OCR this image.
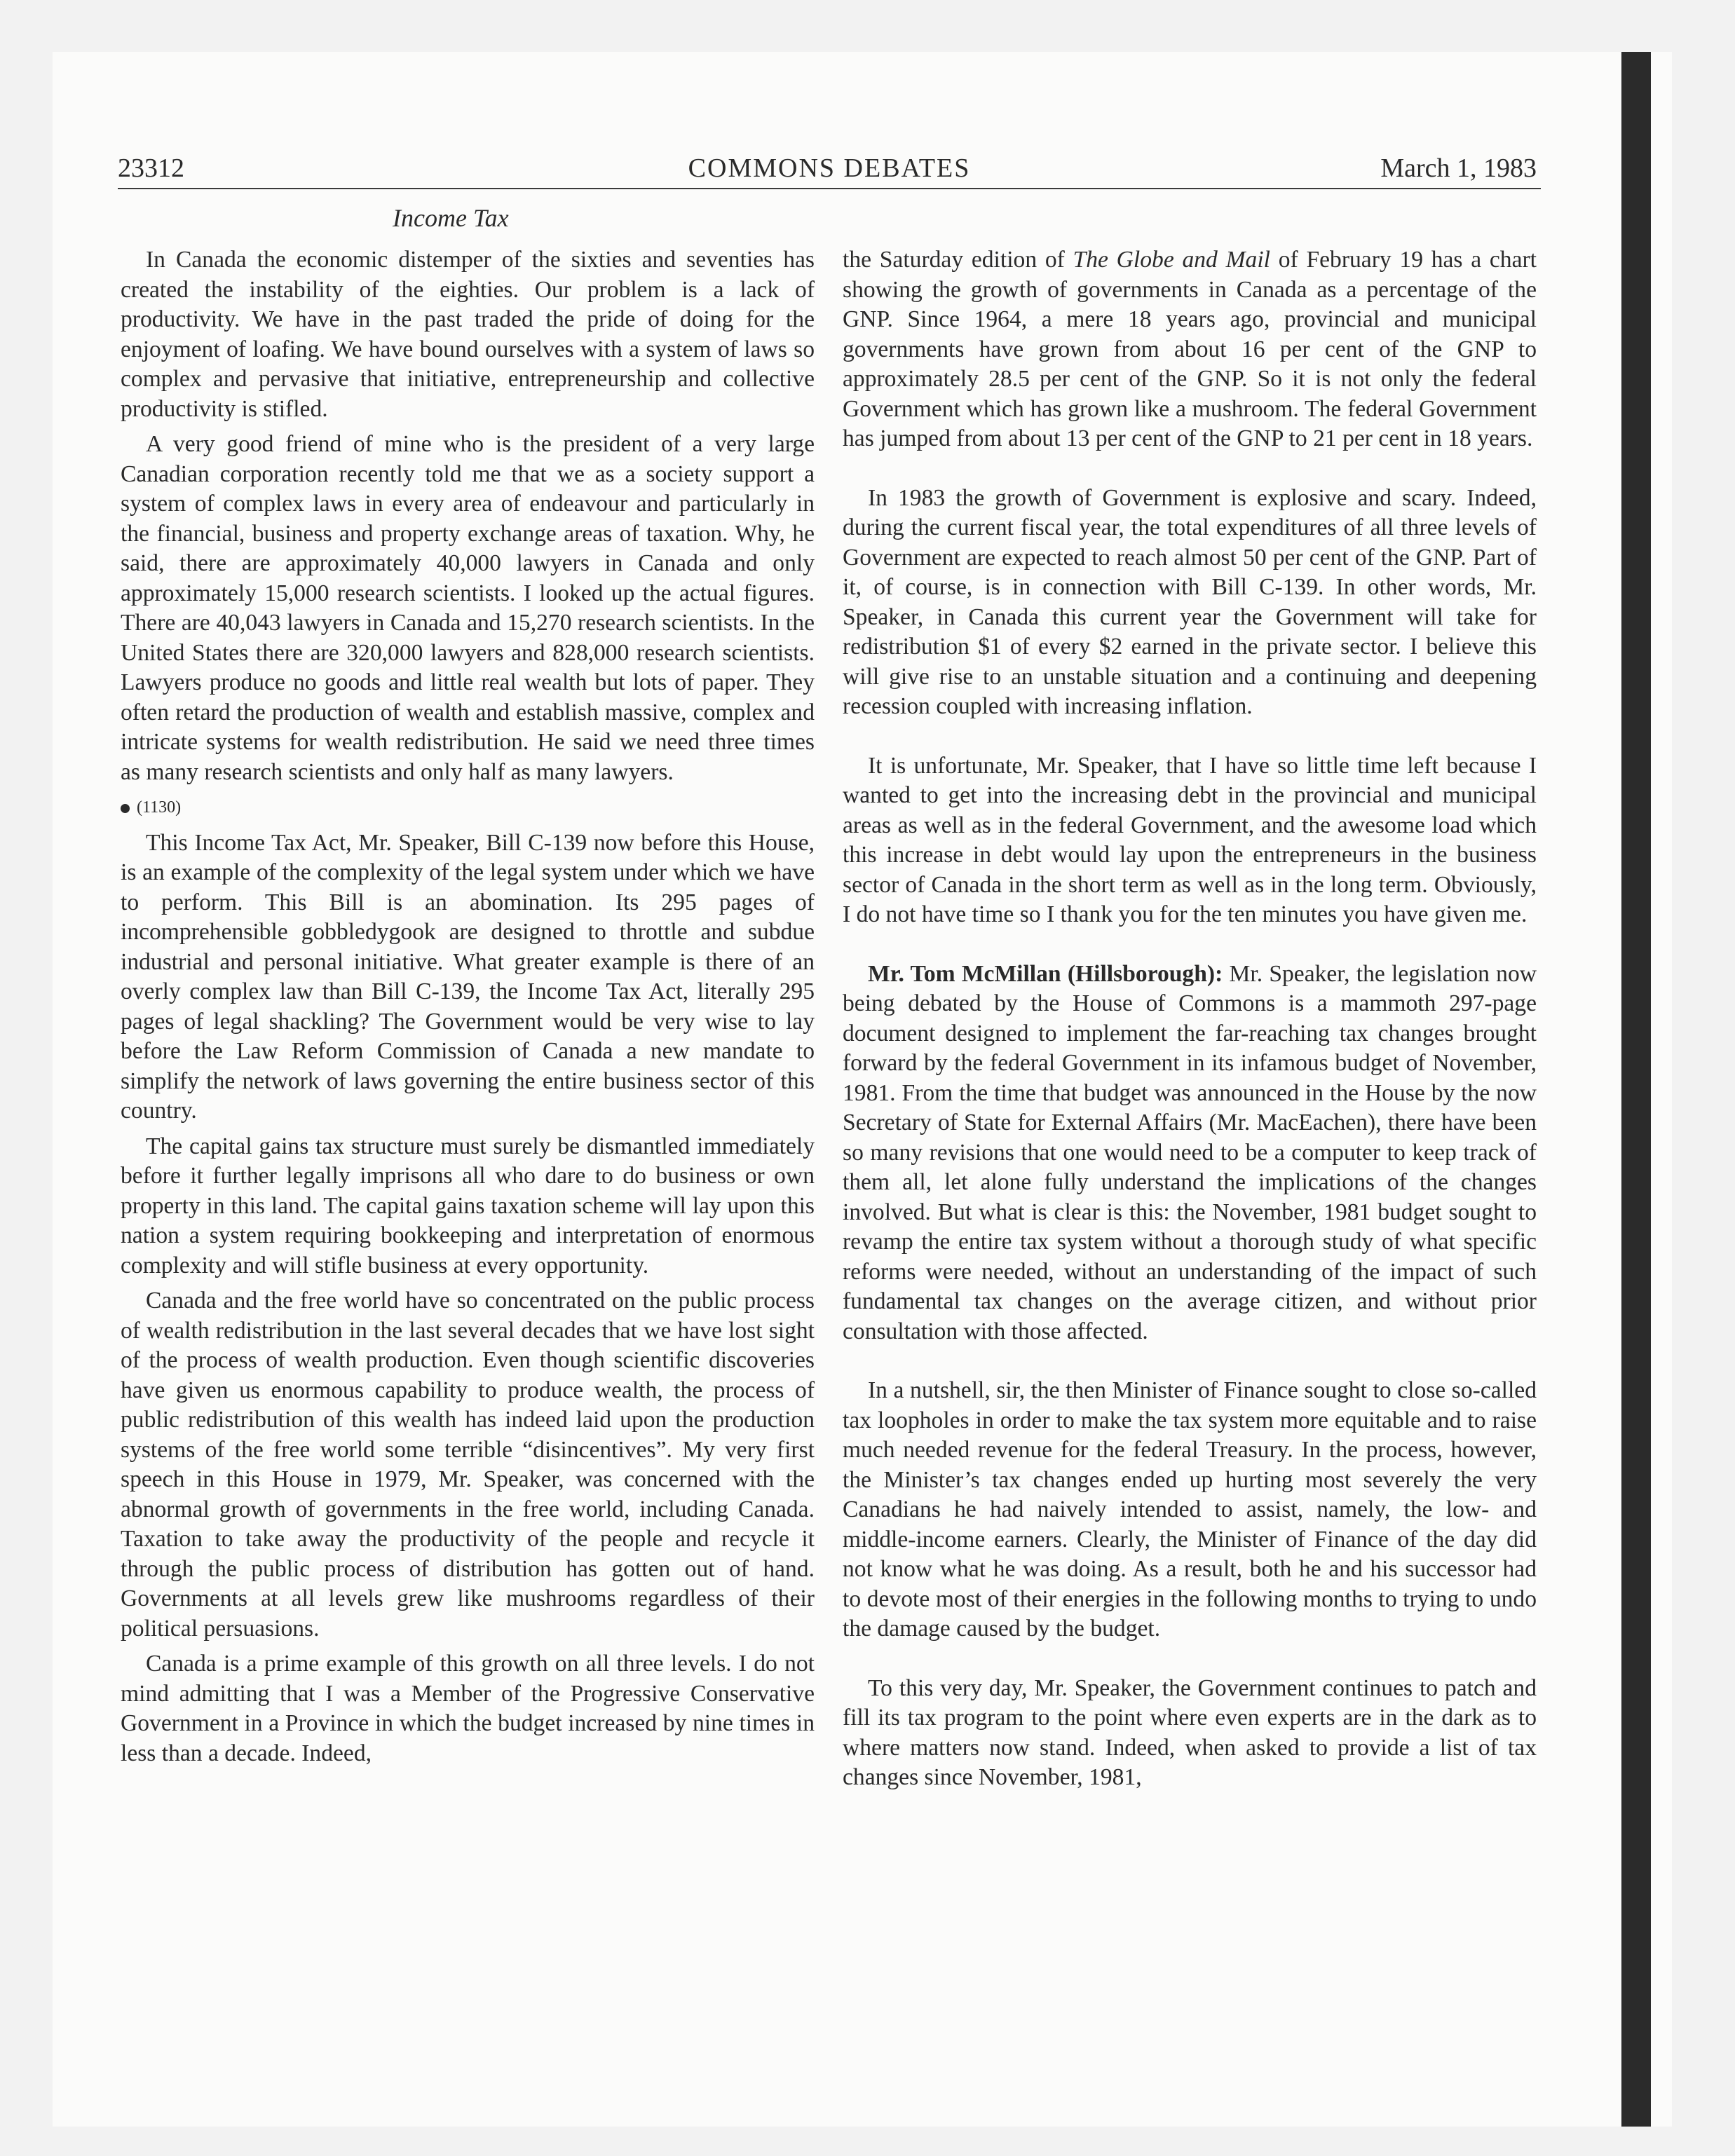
23312	COMMONS DEBATES	March 1, 1983
Income Tax

In Canada the economic distemper of the sixties and seventies has created the instability of the eighties. Our problem is a lack of productivity. We have in the past traded the pride of doing for the enjoyment of loafing. We have bound ourselves with a system of laws so complex and pervasive that initiative, entrepreneurship and collective productivity is stifled.

A very good friend of mine who is the president of a very large Canadian corporation recently told me that we as a society support a system of complex laws in every area of endeavour and particularly in the financial, business and property exchange areas of taxation. Why, he said, there are approximately 40,000 lawyers in Canada and only approximately 15,000 research scientists. I looked up the actual figures. There are 40,043 lawyers in Canada and 15,270 research scientists. In the United States there are 320,000 lawyers and 828,000 research scientists. Lawyers produce no goods and little real wealth but lots of paper. They often retard the production of wealth and establish massive, complex and intricate systems for wealth redistribution. He said we need three times as many research scientists and only half as many lawyers.

(1130)

This Income Tax Act, Mr. Speaker, Bill C-139 now before this House, is an example of the complexity of the legal system under which we have to perform. This Bill is an abomination. Its 295 pages of incomprehensible gobbledygook are designed to throttle and subdue industrial and personal initiative. What greater example is there of an overly complex law than Bill C-139, the Income Tax Act, literally 295 pages of legal shackling? The Government would be very wise to lay before the Law Reform Commission of Canada a new mandate to simplify the network of laws governing the entire business sector of this country.

The capital gains tax structure must surely be dismantled immediately before it further legally imprisons all who dare to do business or own property in this land. The capital gains taxation scheme will lay upon this nation a system requiring bookkeeping and interpretation of enormous complexity and will stifle business at every opportunity.

Canada and the free world have so concentrated on the public process of wealth redistribution in the last several decades that we have lost sight of the process of wealth production. Even though scientific discoveries have given us enormous capability to produce wealth, the process of public redistribution of this wealth has indeed laid upon the production systems of the free world some terrible “disincentives”. My very first speech in this House in 1979, Mr. Speaker, was concerned with the abnormal growth of governments in the free world, including Canada. Taxation to take away the productivity of the people and recycle it through the public process of distribution has gotten out of hand. Governments at all levels grew like mushrooms regardless of their political persuasions.

Canada is a prime example of this growth on all three levels. I do not mind admitting that I was a Member of the Progressive Conservative Government in a Province in which the budget increased by nine times in less than a decade. Indeed,

the Saturday edition of The Globe and Mail of February 19 has a chart showing the growth of governments in Canada as a percentage of the GNP. Since 1964, a mere 18 years ago, provincial and municipal governments have grown from about 16 per cent of the GNP to approximately 28.5 per cent of the GNP. So it is not only the federal Government which has grown like a mushroom. The federal Government has jumped from about 13 per cent of the GNP to 21 per cent in 18 years.

In 1983 the growth of Government is explosive and scary. Indeed, during the current fiscal year, the total expenditures of all three levels of Government are expected to reach almost 50 per cent of the GNP. Part of it, of course, is in connection with Bill C-139. In other words, Mr. Speaker, in Canada this current year the Government will take for redistribution $1 of every $2 earned in the private sector. I believe this will give rise to an unstable situation and a continuing and deepening recession coupled with increasing inflation.

It is unfortunate, Mr. Speaker, that I have so little time left because I wanted to get into the increasing debt in the provincial and municipal areas as well as in the federal Government, and the awesome load which this increase in debt would lay upon the entrepreneurs in the business sector of Canada in the short term as well as in the long term. Obviously, I do not have time so I thank you for the ten minutes you have given me.

Mr. Tom McMillan (Hillsborough): Mr. Speaker, the legislation now being debated by the House of Commons is a mammoth 297-page document designed to implement the far-reaching tax changes brought forward by the federal Government in its infamous budget of November, 1981. From the time that budget was announced in the House by the now Secretary of State for External Affairs (Mr. MacEachen), there have been so many revisions that one would need to be a computer to keep track of them all, let alone fully understand the implications of the changes involved. But what is clear is this: the November, 1981 budget sought to revamp the entire tax system without a thorough study of what specific reforms were needed, without an understanding of the impact of such fundamental tax changes on the average citizen, and without prior consultation with those affected.

In a nutshell, sir, the then Minister of Finance sought to close so-called tax loopholes in order to make the tax system more equitable and to raise much needed revenue for the federal Treasury. In the process, however, the Minister’s tax changes ended up hurting most severely the very Canadians he had naively intended to assist, namely, the low- and middle-income earners. Clearly, the Minister of Finance of the day did not know what he was doing. As a result, both he and his successor had to devote most of their energies in the following months to trying to undo the damage caused by the budget.

To this very day, Mr. Speaker, the Government continues to patch and fill its tax program to the point where even experts are in the dark as to where matters now stand. Indeed, when asked to provide a list of tax changes since November, 1981,
